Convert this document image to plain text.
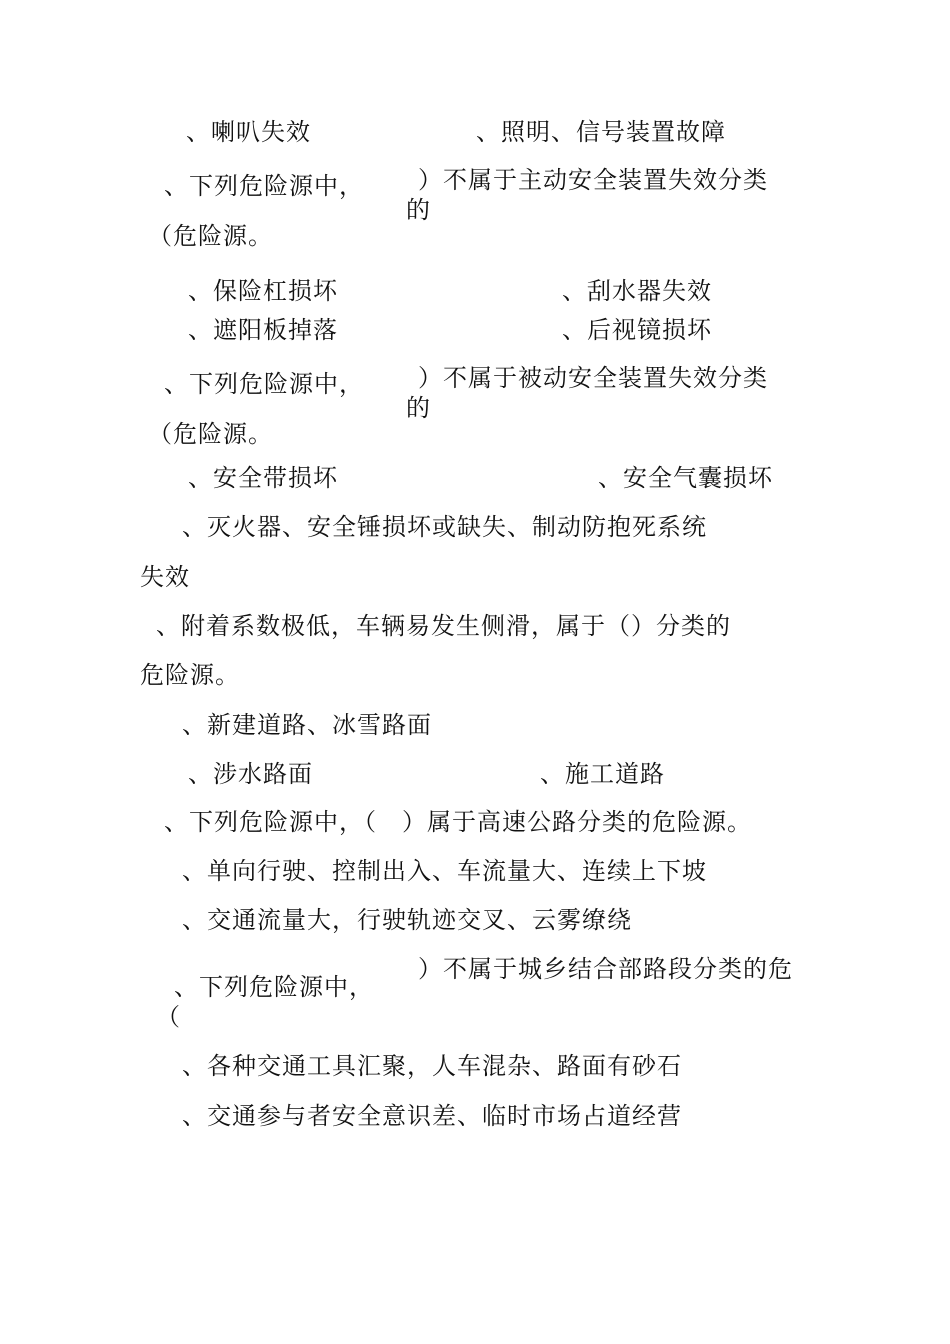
、喇叭失效	、照明、信号装置故障
、下列危险源中， ）不属于主动安全装置失效分类
的
（危险源。
、保险杠损坏	、刮水器失效
、遮阳板掉落	、后视镜损坏
、下列危险源中， ）不属于被动安全装置失效分类
的
（危险源。
、安全带损坏	、安全气囊损坏
、灭火器、安全锤损坏或缺失、制动防抱死系统
失效
、附着系数极低，车辆易发生侧滑，属于（）分类的
危险源。
、新建道路、冰雪路面
、涉水路面	、施工道路
、下列危险源中，（　）属于高速公路分类的危险源。
、单向行驶、控制出入、车流量大、连续上下坡
、交通流量大，行驶轨迹交叉、云雾缭绕
、下列危险源中，
）不属于城乡结合部路段分类的危
（
、各种交通工具汇聚，人车混杂、路面有砂石
、交通参与者安全意识差、临时市场占道经营
